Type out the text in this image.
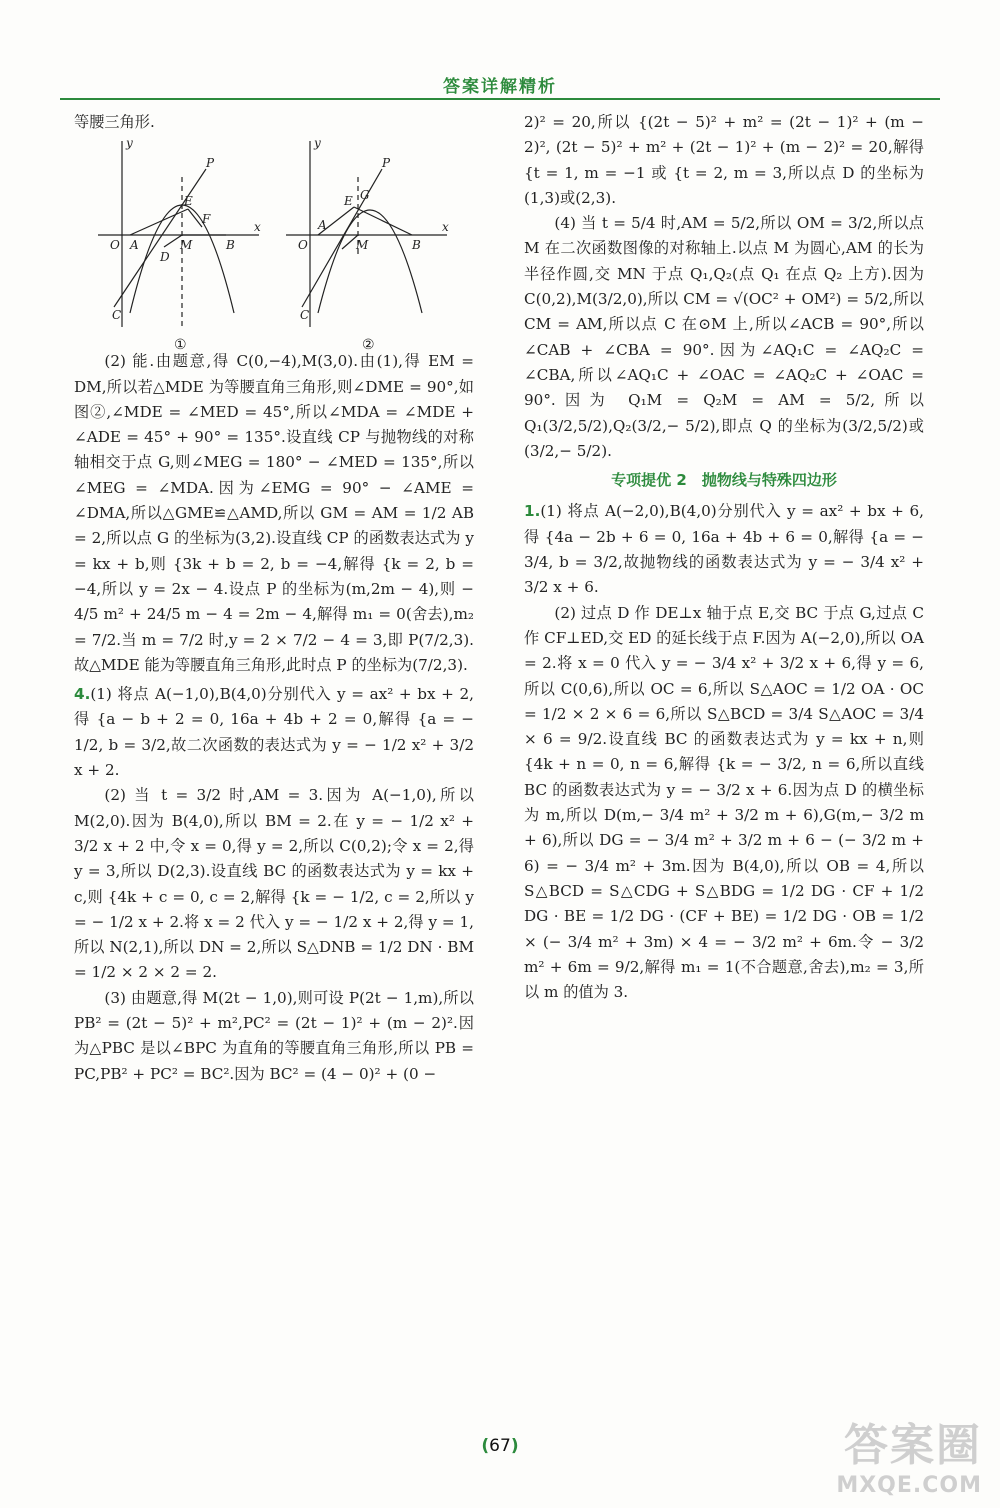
答案详解精析

等腰三角形.

y
x
O A
D
M	B
C
E
F
P
①
y
x
O
A
M	B
C
E G
P
②

(2) 能.由题意,得 C(0,−4),M(3,0).由(1),得 EM = DM,所以若△MDE 为等腰直角三角形,则∠DME = 90°,如图②,∠MDE = ∠MED = 45°,所以∠MDA = ∠MDE + ∠ADE = 45° + 90° = 135°.设直线 CP 与抛物线的对称轴相交于点 G,则∠MEG = 180° − ∠MED = 135°,所以∠MEG = ∠MDA.因为∠EMG = 90° − ∠AME = ∠DMA,所以△GME≌△AMD,所以 GM = AM = 1/2 AB = 2,所以点 G 的坐标为(3,2).设直线 CP 的函数表达式为 y = kx + b,则 {3k + b = 2, b = −4,解得 {k = 2, b = −4,所以 y = 2x − 4.设点 P 的坐标为(m,2m − 4),则 − 4/5 m² + 24/5 m − 4 = 2m − 4,解得 m₁ = 0(舍去),m₂ = 7/2.当 m = 7/2 时,y = 2 × 7/2 − 4 = 3,即 P(7/2,3).故△MDE 能为等腰直角三角形,此时点 P 的坐标为(7/2,3).

4.(1) 将点 A(−1,0),B(4,0)分别代入 y = ax² + bx + 2,得 {a − b + 2 = 0, 16a + 4b + 2 = 0,解得 {a = − 1/2, b = 3/2,故二次函数的表达式为 y = − 1/2 x² + 3/2 x + 2.

(2) 当 t = 3/2 时,AM = 3.因为 A(−1,0),所以 M(2,0).因为 B(4,0),所以 BM = 2.在 y = − 1/2 x² + 3/2 x + 2 中,令 x = 0,得 y = 2,所以 C(0,2);令 x = 2,得 y = 3,所以 D(2,3).设直线 BC 的函数表达式为 y = kx + c,则 {4k + c = 0, c = 2,解得 {k = − 1/2, c = 2,所以 y = − 1/2 x + 2.将 x = 2 代入 y = − 1/2 x + 2,得 y = 1,所以 N(2,1),所以 DN = 2,所以 S△DNB = 1/2 DN · BM = 1/2 × 2 × 2 = 2.

(3) 由题意,得 M(2t − 1,0),则可设 P(2t − 1,m),所以 PB² = (2t − 5)² + m²,PC² = (2t − 1)² + (m − 2)².因为△PBC 是以∠BPC 为直角的等腰直角三角形,所以 PB = PC,PB² + PC² = BC².因为 BC² = (4 − 0)² + (0 −

2)² = 20,所以 {(2t − 5)² + m² = (2t − 1)² + (m − 2)², (2t − 5)² + m² + (2t − 1)² + (m − 2)² = 20,解得 {t = 1, m = −1 或 {t = 2, m = 3,所以点 D 的坐标为(1,3)或(2,3).

(4) 当 t = 5/4 时,AM = 5/2,所以 OM = 3/2,所以点 M 在二次函数图像的对称轴上.以点 M 为圆心,AM 的长为半径作圆,交 MN 于点 Q₁,Q₂(点 Q₁ 在点 Q₂ 上方).因为 C(0,2),M(3/2,0),所以 CM = √(OC² + OM²) = 5/2,所以 CM = AM,所以点 C 在⊙M 上,所以∠ACB = 90°,所以∠CAB + ∠CBA = 90°.因为∠AQ₁C = ∠AQ₂C = ∠CBA,所以∠AQ₁C + ∠OAC = ∠AQ₂C + ∠OAC = 90°.因为 Q₁M = Q₂M = AM = 5/2,所以 Q₁(3/2,5/2),Q₂(3/2,− 5/2),即点 Q 的坐标为(3/2,5/2)或(3/2,− 5/2).

专项提优 2　抛物线与特殊四边形

1.(1) 将点 A(−2,0),B(4,0)分别代入 y = ax² + bx + 6,得 {4a − 2b + 6 = 0, 16a + 4b + 6 = 0,解得 {a = − 3/4, b = 3/2,故抛物线的函数表达式为 y = − 3/4 x² + 3/2 x + 6.

(2) 过点 D 作 DE⊥x 轴于点 E,交 BC 于点 G,过点 C 作 CF⊥ED,交 ED 的延长线于点 F.因为 A(−2,0),所以 OA = 2.将 x = 0 代入 y = − 3/4 x² + 3/2 x + 6,得 y = 6,所以 C(0,6),所以 OC = 6,所以 S△AOC = 1/2 OA · OC = 1/2 × 2 × 6 = 6,所以 S△BCD = 3/4 S△AOC = 3/4 × 6 = 9/2.设直线 BC 的函数表达式为 y = kx + n,则 {4k + n = 0, n = 6,解得 {k = − 3/2, n = 6,所以直线 BC 的函数表达式为 y = − 3/2 x + 6.因为点 D 的横坐标为 m,所以 D(m,− 3/4 m² + 3/2 m + 6),G(m,− 3/2 m + 6),所以 DG = − 3/4 m² + 3/2 m + 6 − (− 3/2 m + 6) = − 3/4 m² + 3m.因为 B(4,0),所以 OB = 4,所以 S△BCD = S△CDG + S△BDG = 1/2 DG · CF + 1/2 DG · BE = 1/2 DG · (CF + BE) = 1/2 DG · OB = 1/2 × (− 3/4 m² + 3m) × 4 = − 3/2 m² + 6m.令 − 3/2 m² + 6m = 9/2,解得 m₁ = 1(不合题意,舍去),m₂ = 3,所以 m 的值为 3.

(67)	答案圈
MXQE.COM
